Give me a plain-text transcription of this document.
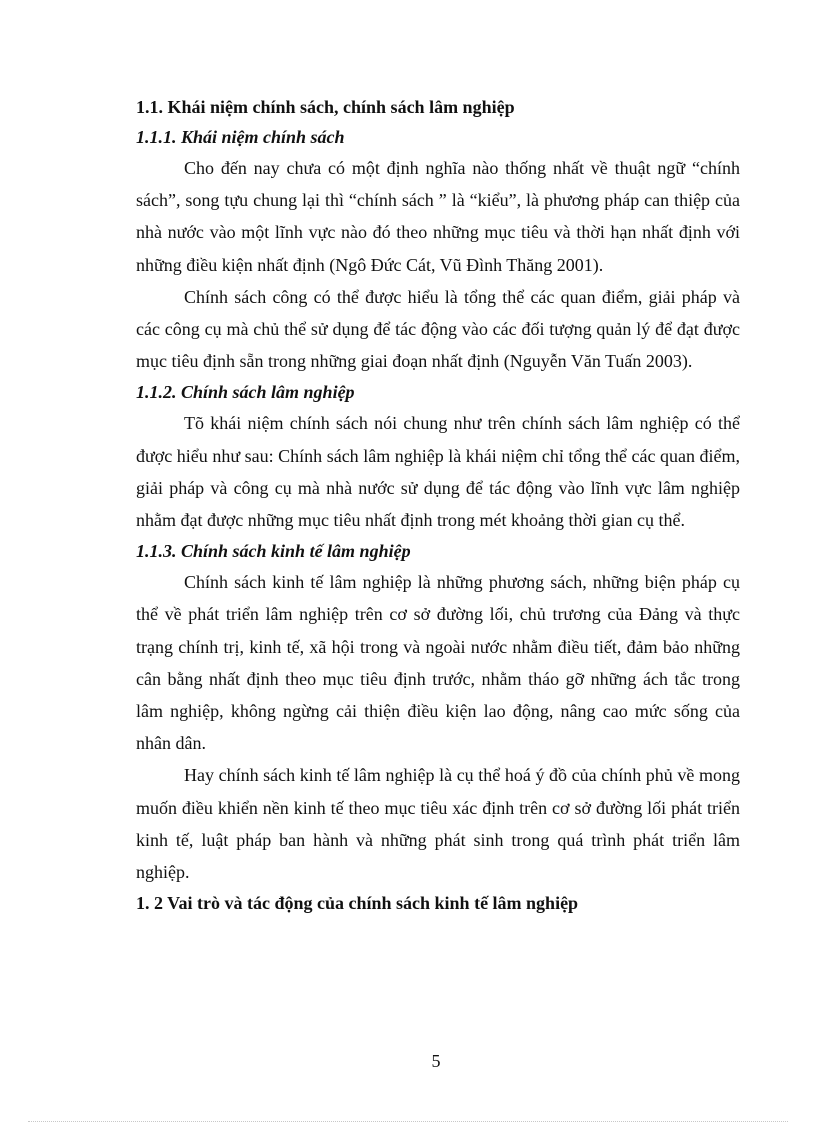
1.1. Khái niệm chính sách, chính sách lâm nghiệp
1.1.1. Khái niệm chính sách

Cho đến nay chưa có một định nghĩa nào thống nhất về thuật ngữ “chính sách”, song tựu chung lại thì “chính sách ” là “kiểu”, là phương pháp can thiệp của nhà nước vào một lĩnh vực nào đó theo những mục tiêu và thời hạn nhất định với những điều kiện nhất định (Ngô Đức Cát, Vũ Đình Thăng 2001).

Chính sách công có thể được hiểu là tổng thể các quan điểm, giải pháp và các công cụ mà chủ thể sử dụng để tác động vào các đối tượng quản lý để đạt được mục tiêu định sẵn trong những giai đoạn nhất định (Nguyễn Văn Tuấn 2003).

1.1.2. Chính sách lâm nghiệp

Tõ khái niệm chính sách nói chung như trên chính sách lâm nghiệp có thể được hiểu như sau: Chính sách lâm nghiệp là khái niệm chỉ tổng thể các quan điểm, giải pháp và công cụ mà nhà nước sử dụng để tác động vào lĩnh vực lâm nghiệp nhằm đạt được những mục tiêu nhất định trong mét khoảng thời gian cụ thể.

1.1.3. Chính sách kinh tế lâm nghiệp

Chính sách kinh tế lâm nghiệp là những phương sách, những biện pháp cụ thể về phát triển lâm nghiệp trên cơ sở đường lối, chủ trương của Đảng và thực trạng chính trị, kinh tế, xã hội trong và ngoài nước nhằm điều tiết, đảm bảo những cân bằng nhất định theo mục tiêu định trước, nhằm tháo gỡ những ách tắc trong lâm nghiệp, không ngừng cải thiện điều kiện lao động, nâng cao mức sống của nhân dân.

Hay chính sách kinh tế lâm nghiệp là cụ thể hoá ý đồ của chính phủ về mong muốn điều khiển nền kinh tế theo mục tiêu xác định trên cơ sở đường lối phát triển kinh tế, luật pháp ban hành và những phát sinh trong quá trình phát triển lâm nghiệp.

1. 2 Vai trò và tác động của chính sách kinh tế lâm nghiệp
5
